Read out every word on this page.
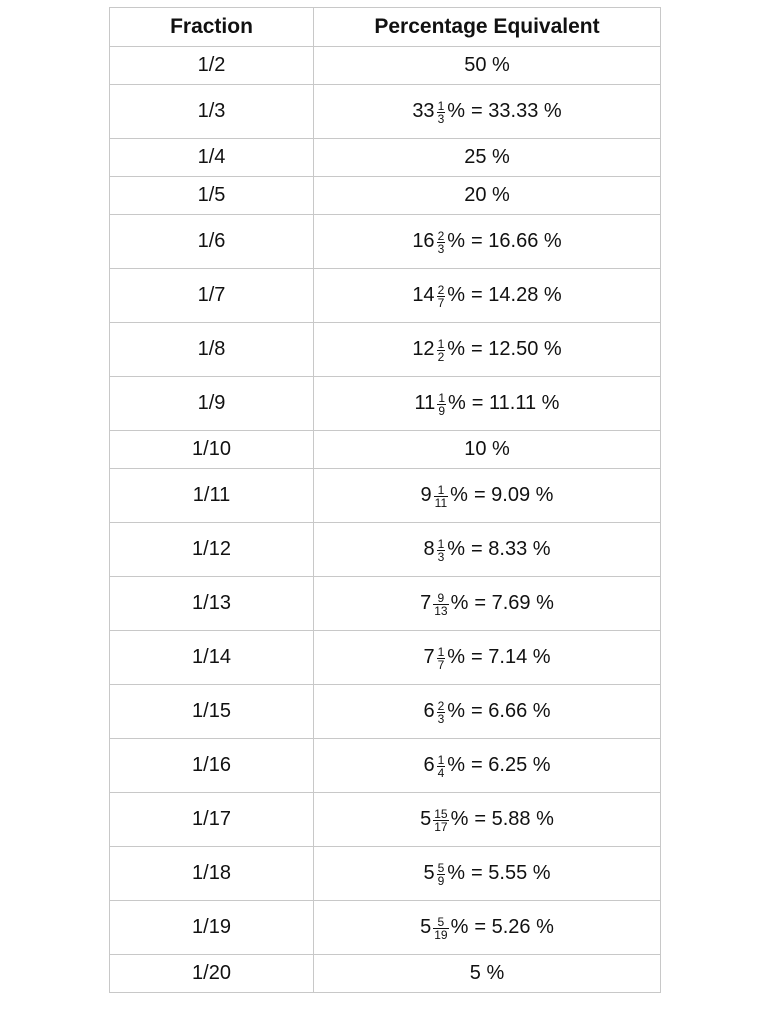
Fraction	Percentage Equivalent
1/2	50 %
1/3	$33 \frac{1}{3}$ % = 33.33 %

1/4	25 %
1/5	20 %
1/6	$16 \frac{2}{3}$ % = 16.66 %

1/7	$14 \frac{2}{7}$ % = 14.28 %

1/8	$12 \frac{1}{2}$ % = 12.50 %

1/9	$11 \frac{1}{9}$ % = 11.11 %

1/10	10 %
1/11	$9 \frac{1}{11}$ % = 9.09 %

1/12	$8 \frac{1}{3}$ % = 8.33 %

1/13	$7 \frac{9}{13}$ % = 7.69 %

1/14	$7 \frac{1}{7}$ % = 7.14 %

1/15	$6 \frac{2}{3}$ % = 6.66 %

1/16	$6 \frac{1}{4}$ % = 6.25 %

1/17	$5 \frac{15}{17}$ % = 5.88 %

1/18	$5 \frac{5}{9}$ % = 5.55 %

1/19	$5 \frac{5}{19}$ % = 5.26 %

1/20	5 %
